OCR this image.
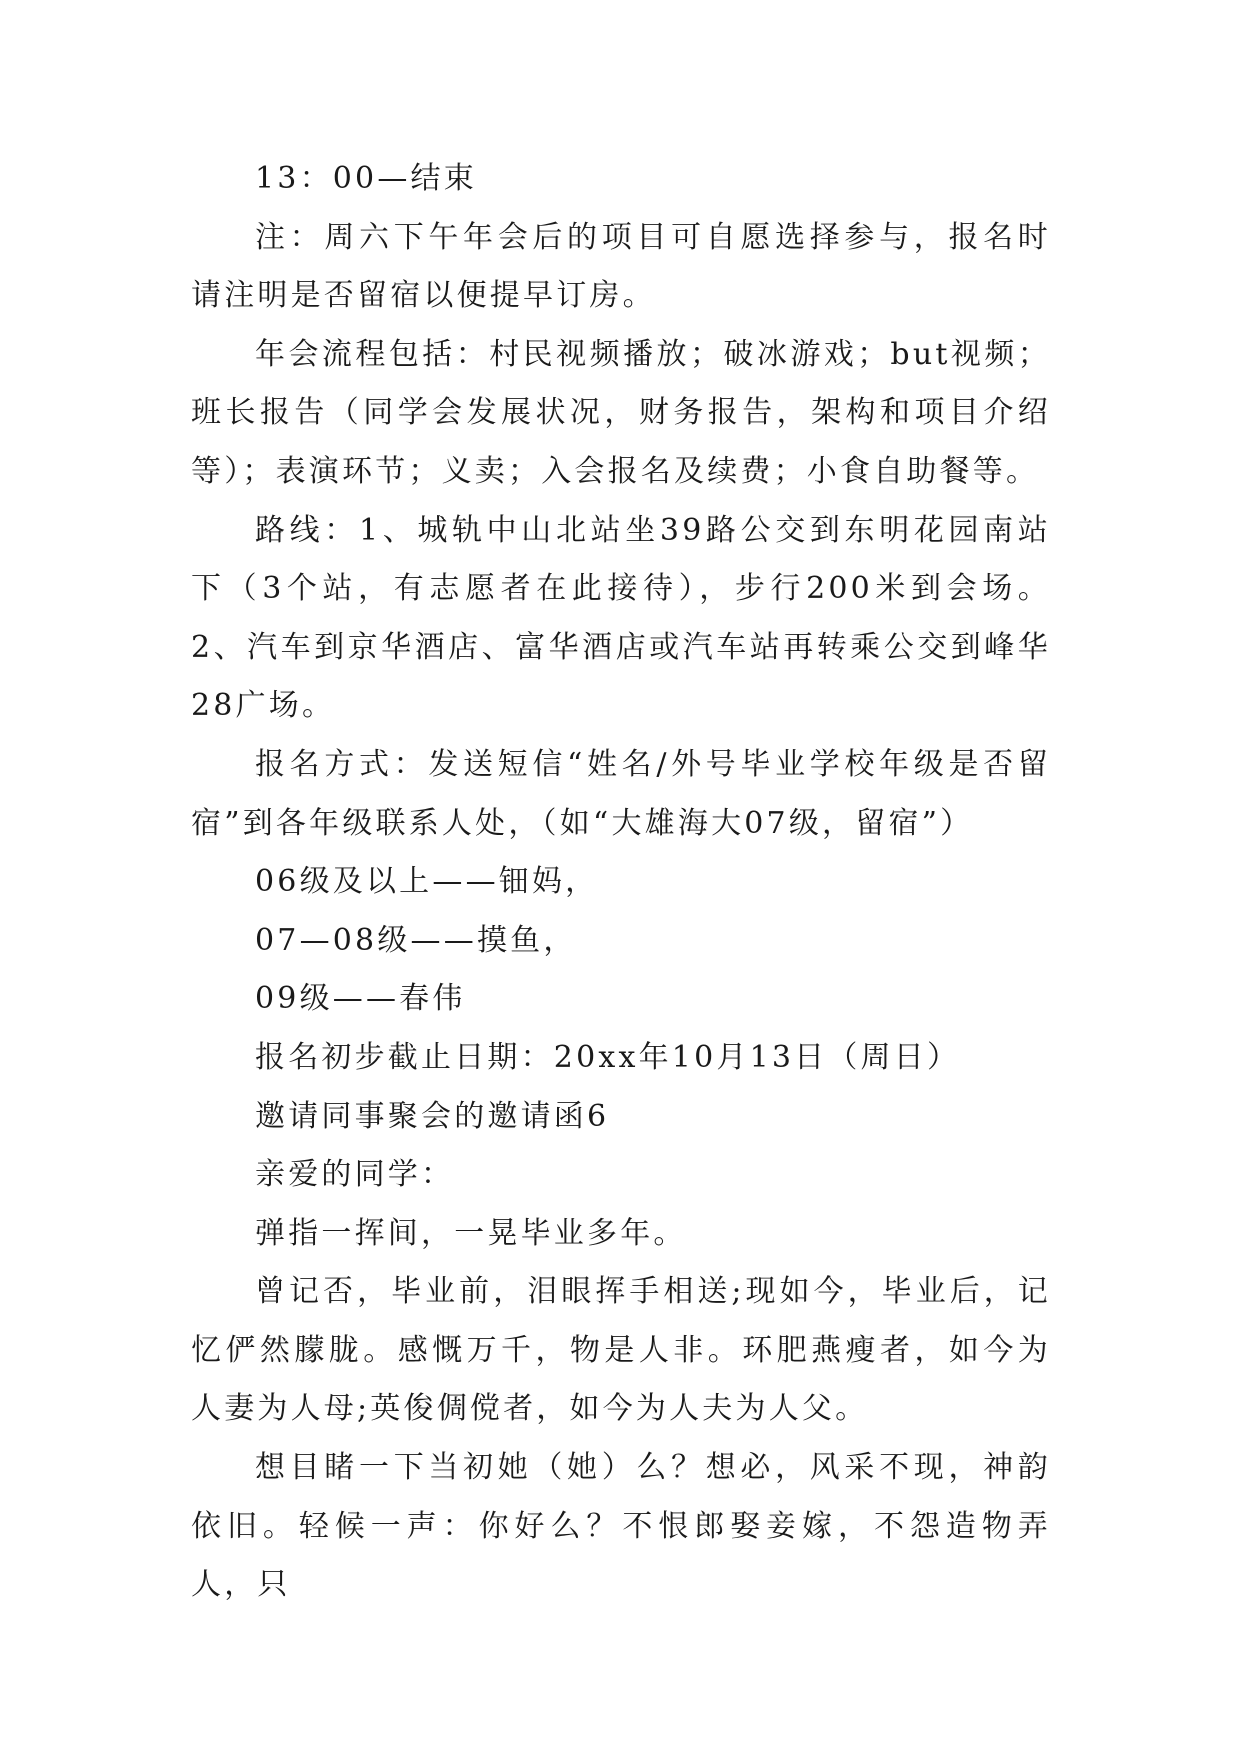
13：00—结束

注：周六下午年会后的项目可自愿选择参与，报名时请注明是否留宿以便提早订房。

年会流程包括：村民视频播放；破冰游戏；but视频；班长报告（同学会发展状况，财务报告，架构和项目介绍等）；表演环节；义卖；入会报名及续费；小食自助餐等。

路线：1、城轨中山北站坐39路公交到东明花园南站下（3个站，有志愿者在此接待），步行200米到会场。2、汽车到京华酒店、富华酒店或汽车站再转乘公交到峰华28广场。

报名方式：发送短信“姓名/外号毕业学校年级是否留宿”到各年级联系人处，（如“大雄海大07级，留宿”）

06级及以上——钿妈，

07—08级——摸鱼，

09级——春伟

报名初步截止日期：20xx年10月13日（周日）

邀请同事聚会的邀请函6

亲爱的同学：

弹指一挥间，一晃毕业多年。

曾记否，毕业前，泪眼挥手相送;现如今，毕业后，记忆俨然朦胧。感慨万千，物是人非。环肥燕瘦者，如今为人妻为人母;英俊倜傥者，如今为人夫为人父。

想目睹一下当初她（她）么？想必，风采不现，神韵依旧。轻候一声：你好么？不恨郎娶妾嫁，不怨造物弄人，只
